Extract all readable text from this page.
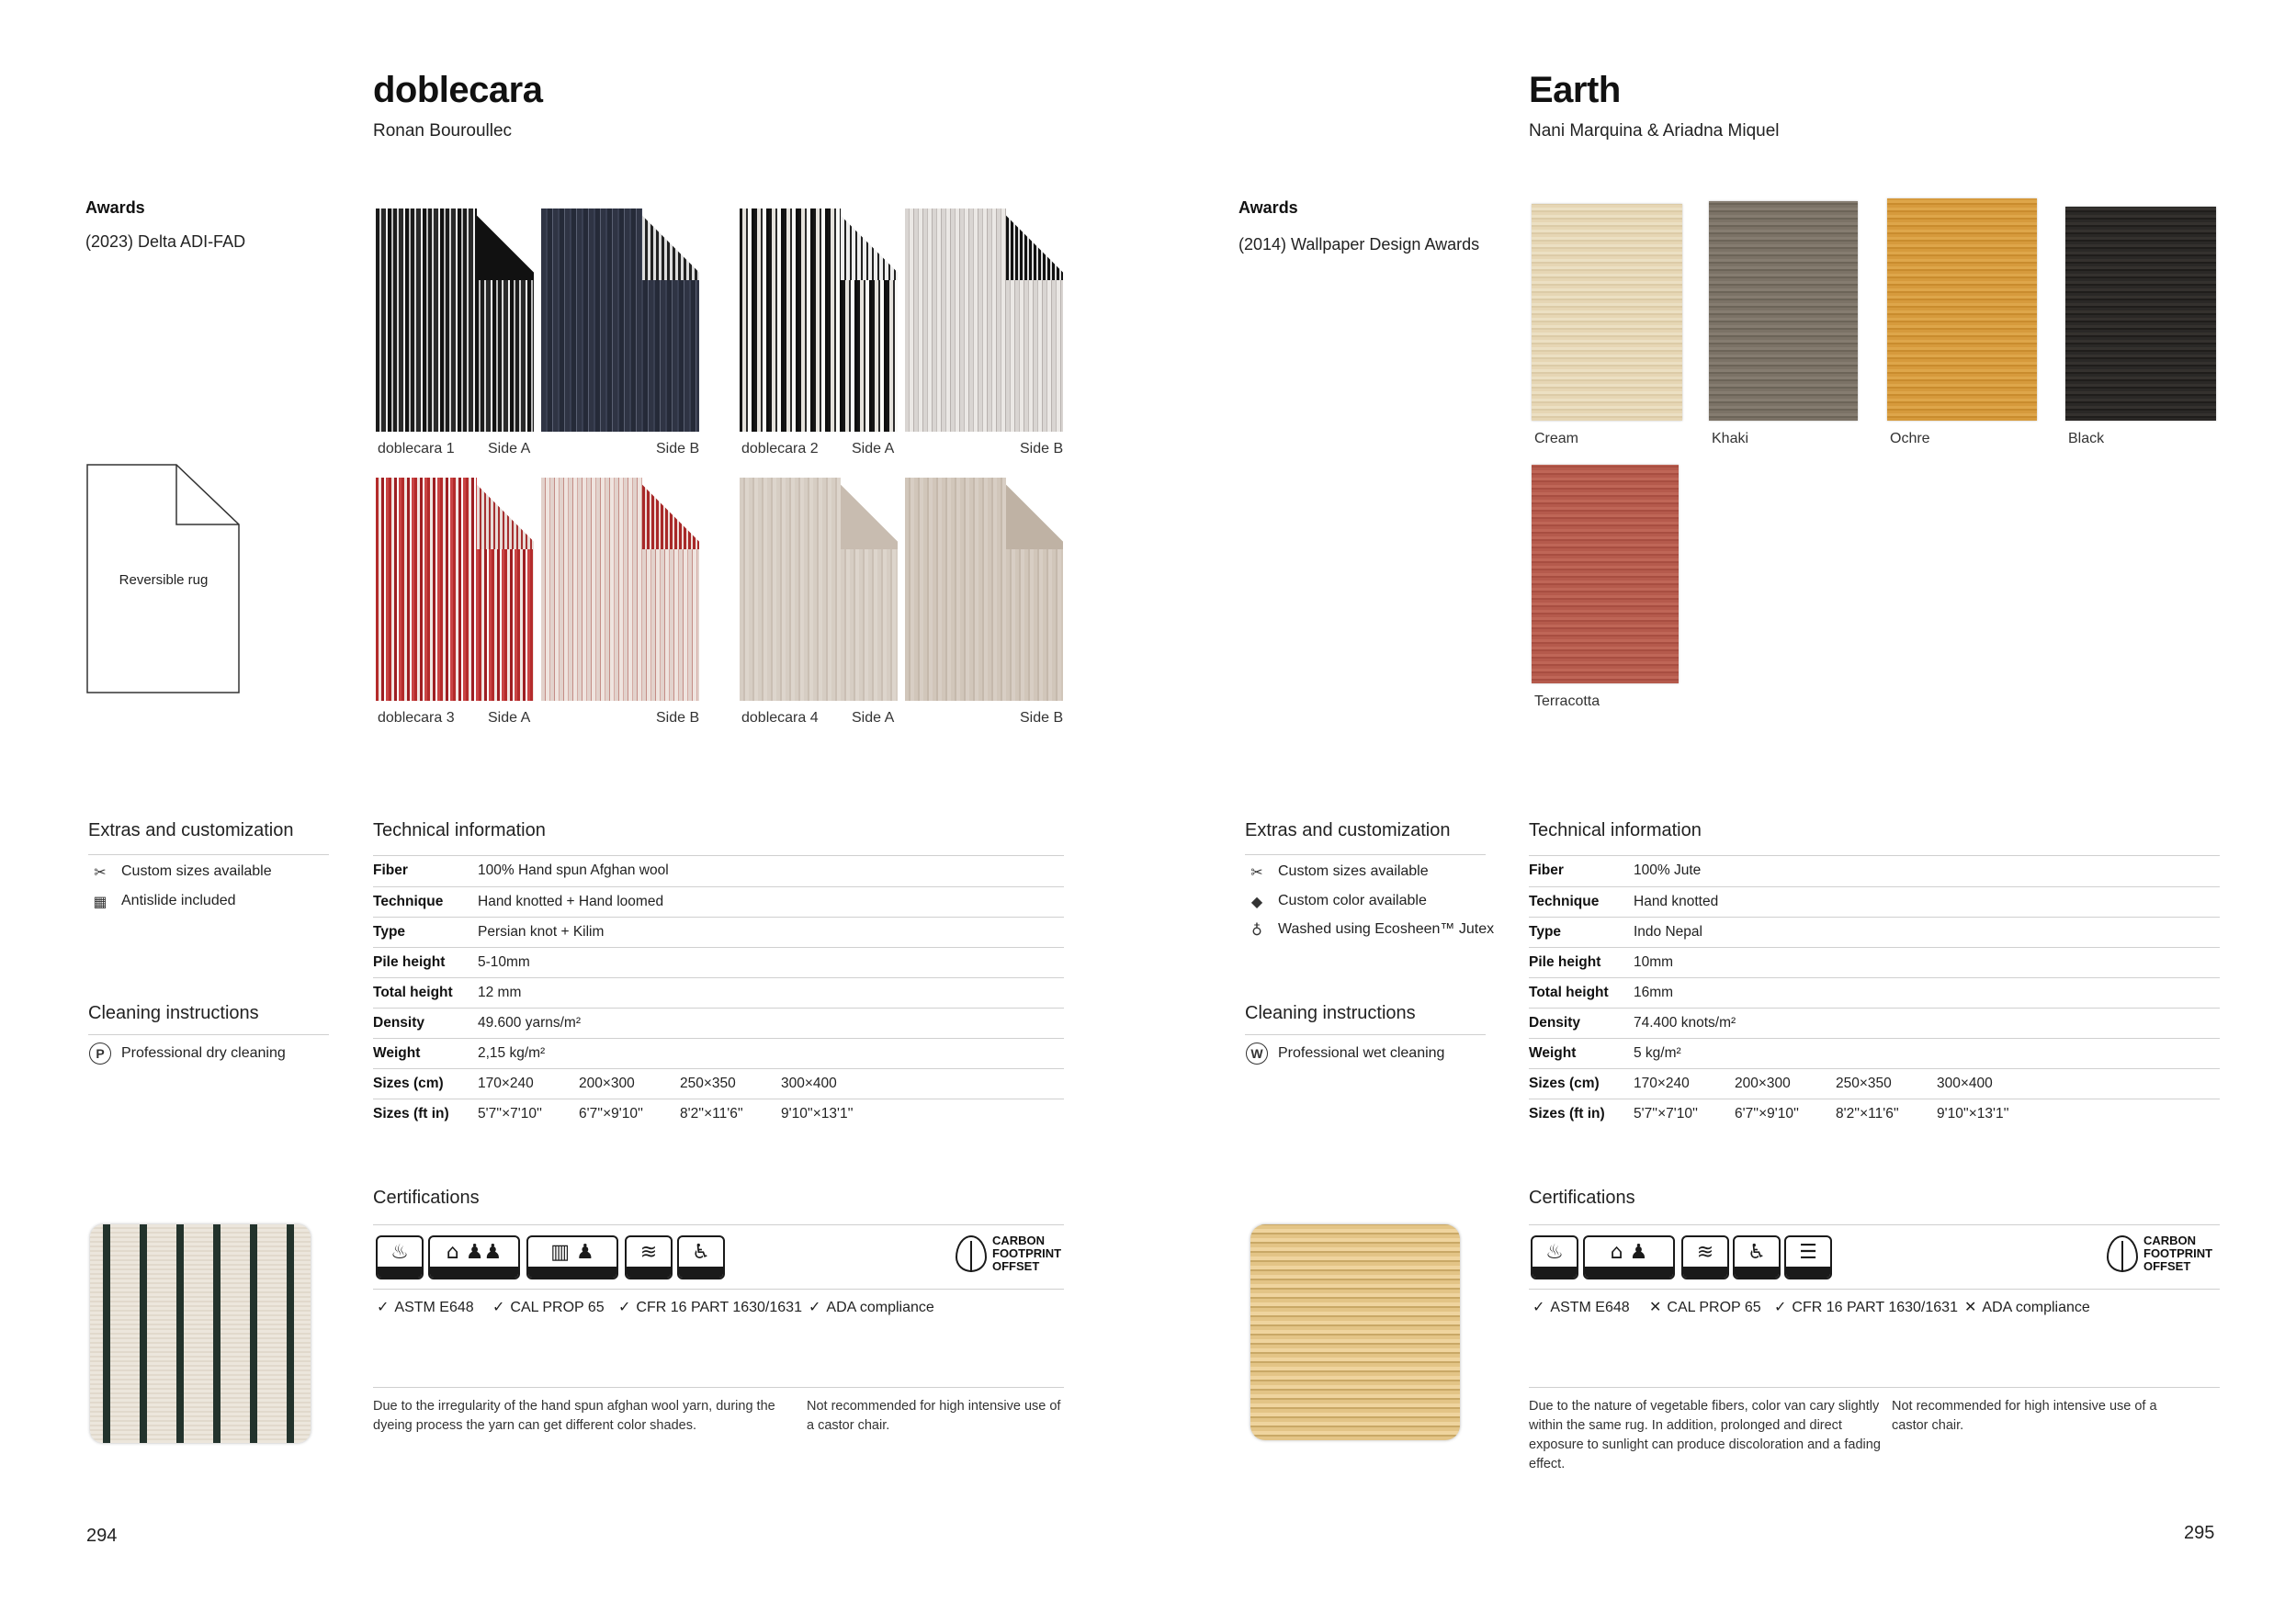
doblecara
Ronan Bouroullec
Awards
(2023) Delta ADI-FAD
Reversible rug
doblecara 1 Side A	Side B	doblecara 2 Side A	Side B
doblecara 3 Side A	Side B	doblecara 4 Side A	Side B
Extras and customization
✂	Custom sizes available
▦ Antislide included
Cleaning instructions
P	Professional dry cleaning
Technical information
Fiber	100% Hand spun Afghan wool			
Technique	Hand knotted + Hand loomed			
Type	Persian knot + Kilim			
Pile height	5-10mm			
Total height	12 mm			
Density	49.600 yarns/m²			
Weight	2,15 kg/m²			
Sizes (cm)	170×240	200×300	250×350	300×400
Sizes (ft in)	5'7''×7'10''	6'7''×9'10''	8'2''×11'6''	9'10''×13'1''
Certifications
♨	⌂ ♟♟	▥ ♟	≋	♿
CARBON
FOOTPRINT
OFFSET
✓ ASTM E648 ✓ CAL PROP 65 ✓ CFR 16 PART 1630/1631 ✓ ADA compliance
Due to the irregularity of the hand spun afghan wool yarn, during the dyeing process the yarn can get different color shades.
Not recommended for high intensive use of a castor chair.
294
Earth
Nani Marquina & Ariadna Miquel
Awards
(2014) Wallpaper Design Awards
Cream	Khaki	Ochre	Black
Terracotta
Extras and customization
✂	Custom sizes available
◆	Custom color available
♁	Washed using Ecosheen™ Jutex
Cleaning instructions
W	Professional wet cleaning
Technical information
Fiber	100% Jute			
Technique	Hand knotted			
Type	Indo Nepal			
Pile height	10mm			
Total height	16mm			
Density	74.400 knots/m²			
Weight	5 kg/m²			
Sizes (cm)	170×240	200×300	250×350	300×400
Sizes (ft in)	5'7''×7'10''	6'7''×9'10''	8'2''×11'6''	9'10''×13'1''
Certifications
♨	⌂ ♟	≋	♿	☰
CARBON
FOOTPRINT
OFFSET
✓ ASTM E648 ✕ CAL PROP 65 ✓ CFR 16 PART 1630/1631 ✕ ADA compliance
Due to the nature of vegetable fibers, color van cary slightly within the same rug. In addition, prolonged and direct exposure to sunlight can produce discoloration and a fading effect.
Not recommended for high intensive use of a castor chair.
295
